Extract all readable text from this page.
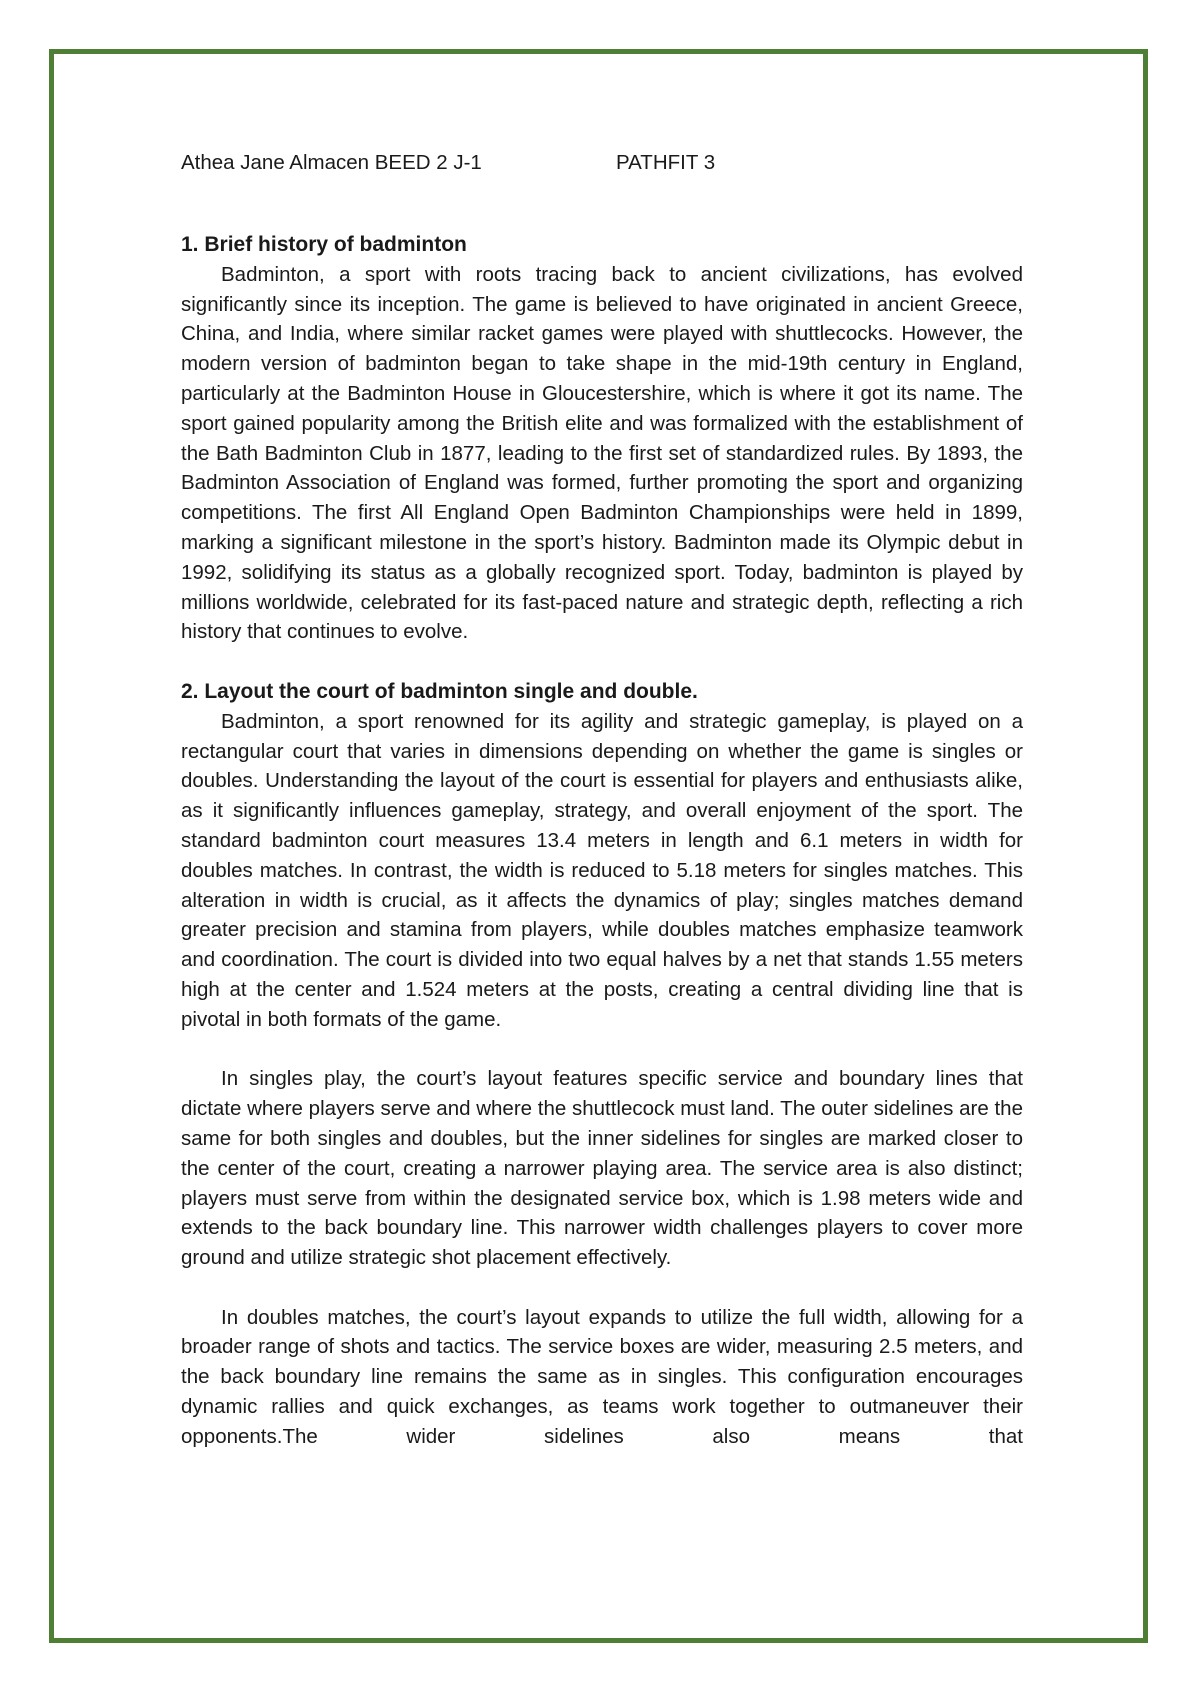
Athea Jane Almacen BEED 2 J-1	PATHFIT 3
1. Brief history of badminton

Badminton, a sport with roots tracing back to ancient civilizations, has evolved significantly since its inception. The game is believed to have originated in ancient Greece, China, and India, where similar racket games were played with shuttlecocks. However, the modern version of badminton began to take shape in the mid-19th century in England, particularly at the Badminton House in Gloucestershire, which is where it got its name. The sport gained popularity among the British elite and was formalized with the establishment of the Bath Badminton Club in 1877, leading to the first set of standardized rules. By 1893, the Badminton Association of England was formed, further promoting the sport and organizing competitions. The first All England Open Badminton Championships were held in 1899, marking a significant milestone in the sport’s history. Badminton made its Olympic debut in 1992, solidifying its status as a globally recognized sport. Today, badminton is played by millions worldwide, celebrated for its fast-paced nature and strategic depth, reflecting a rich history that continues to evolve.

2. Layout the court of badminton single and double.

Badminton, a sport renowned for its agility and strategic gameplay, is played on a rectangular court that varies in dimensions depending on whether the game is singles or doubles. Understanding the layout of the court is essential for players and enthusiasts alike, as it significantly influences gameplay, strategy, and overall enjoyment of the sport. The standard badminton court measures 13.4 meters in length and 6.1 meters in width for doubles matches. In contrast, the width is reduced to 5.18 meters for singles matches. This alteration in width is crucial, as it affects the dynamics of play; singles matches demand greater precision and stamina from players, while doubles matches emphasize teamwork and coordination. The court is divided into two equal halves by a net that stands 1.55 meters high at the center and 1.524 meters at the posts, creating a central dividing line that is pivotal in both formats of the game.

In singles play, the court’s layout features specific service and boundary lines that dictate where players serve and where the shuttlecock must land. The outer sidelines are the same for both singles and doubles, but the inner sidelines for singles are marked closer to the center of the court, creating a narrower playing area. The service area is also distinct; players must serve from within the designated service box, which is 1.98 meters wide and extends to the back boundary line. This narrower width challenges players to cover more ground and utilize strategic shot placement effectively.

In doubles matches, the court’s layout expands to utilize the full width, allowing for a broader range of shots and tactics. The service boxes are wider, measuring 2.5 meters, and the back boundary line remains the same as in singles. This configuration encourages dynamic rallies and quick exchanges, as teams work together to outmaneuver their opponents.The wider sidelines also means that
